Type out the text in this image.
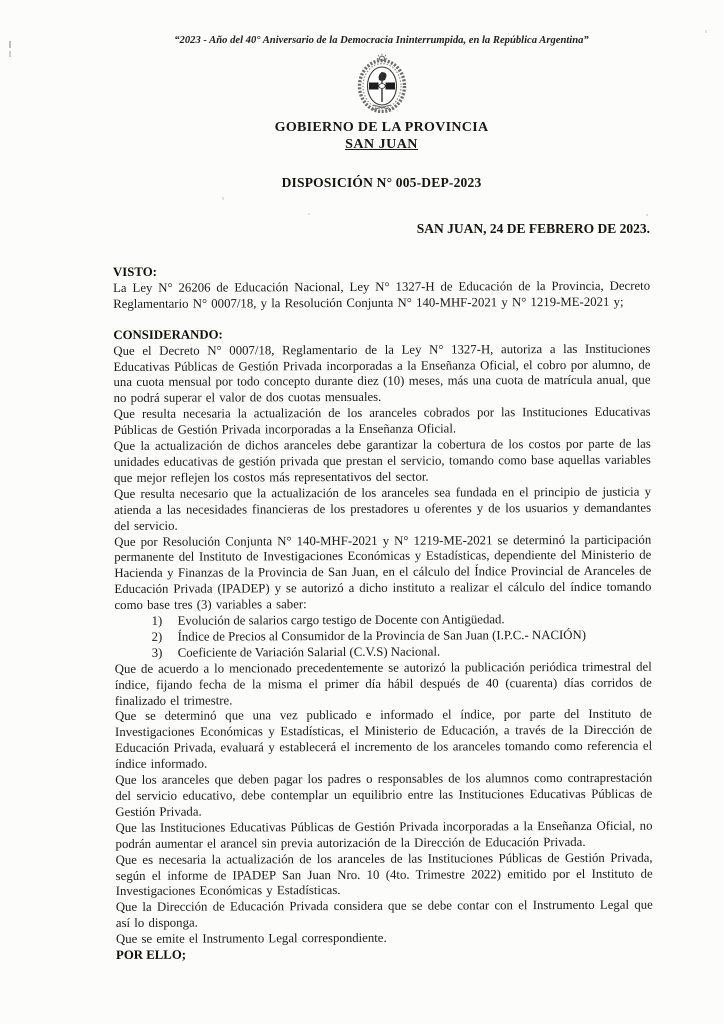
“2023 - Año del 40° Aniversario de la Democracia Ininterrumpida, en la República Argentina”
GOBIERNO DE LA PROVINCIA
SAN JUAN
DISPOSICIÓN N° 005-DEP-2023
SAN JUAN, 24 DE FEBRERO DE 2023.

VISTO:

La Ley N° 26206 de Educación Nacional, Ley N° 1327-H de Educación de la Provincia, Decreto Reglamentario N° 0007/18, y la Resolución Conjunta N° 140-MHF-2021 y N° 1219-ME-2021 y;

CONSIDERANDO:

Que el Decreto N° 0007/18, Reglamentario de la Ley N° 1327-H, autoriza a las Instituciones Educativas Públicas de Gestión Privada incorporadas a la Enseñanza Oficial, el cobro por alumno, de una cuota mensual por todo concepto durante diez (10) meses, más una cuota de matrícula anual, que no podrá superar el valor de dos cuotas mensuales.

Que resulta necesaria la actualización de los aranceles cobrados por las Instituciones Educativas Públicas de Gestión Privada incorporadas a la Enseñanza Oficial.

Que la actualización de dichos aranceles debe garantizar la cobertura de los costos por parte de las unidades educativas de gestión privada que prestan el servicio, tomando como base aquellas variables que mejor reflejen los costos más representativos del sector.

Que resulta necesario que la actualización de los aranceles sea fundada en el principio de justicia y atienda a las necesidades financieras de los prestadores u oferentes y de los usuarios y demandantes del servicio.

Que por Resolución Conjunta N° 140-MHF-2021 y N° 1219-ME-2021 se determinó la participación permanente del Instituto de Investigaciones Económicas y Estadísticas, dependiente del Ministerio de Hacienda y Finanzas de la Provincia de San Juan, en el cálculo del Índice Provincial de Aranceles de Educación Privada (IPADEP) y se autorizó a dicho instituto a realizar el cálculo del índice tomando como base tres (3) variables a saber:

1)	Evolución de salarios cargo testigo de Docente con Antigüedad.
2)	Índice de Precios al Consumidor de la Provincia de San Juan (I.P.C.- NACIÓN)
3)	Coeficiente de Variación Salarial (C.V.S) Nacional.

Que de acuerdo a lo mencionado precedentemente se autorizó la publicación periódica trimestral del índice, fijando fecha de la misma el primer día hábil después de 40 (cuarenta) días corridos de finalizado el trimestre.

Que se determinó que una vez publicado e informado el índice, por parte del Instituto de Investigaciones Económicas y Estadísticas, el Ministerio de Educación, a través de la Dirección de Educación Privada, evaluará y establecerá el incremento de los aranceles tomando como referencia el índice informado.

Que los aranceles que deben pagar los padres o responsables de los alumnos como contraprestación del servicio educativo, debe contemplar un equilibrio entre las Instituciones Educativas Públicas de Gestión Privada.

Que las Instituciones Educativas Públicas de Gestión Privada incorporadas a la Enseñanza Oficial, no podrán aumentar el arancel sin previa autorización de la Dirección de Educación Privada.

Que es necesaria la actualización de los aranceles de las Instituciones Públicas de Gestión Privada, según el informe de IPADEP San Juan Nro. 10 (4to. Trimestre 2022) emitido por el Instituto de Investigaciones Económicas y Estadísticas.

Que la Dirección de Educación Privada considera que se debe contar con el Instrumento Legal que así lo disponga.

Que se emite el Instrumento Legal correspondiente.

POR ELLO;
